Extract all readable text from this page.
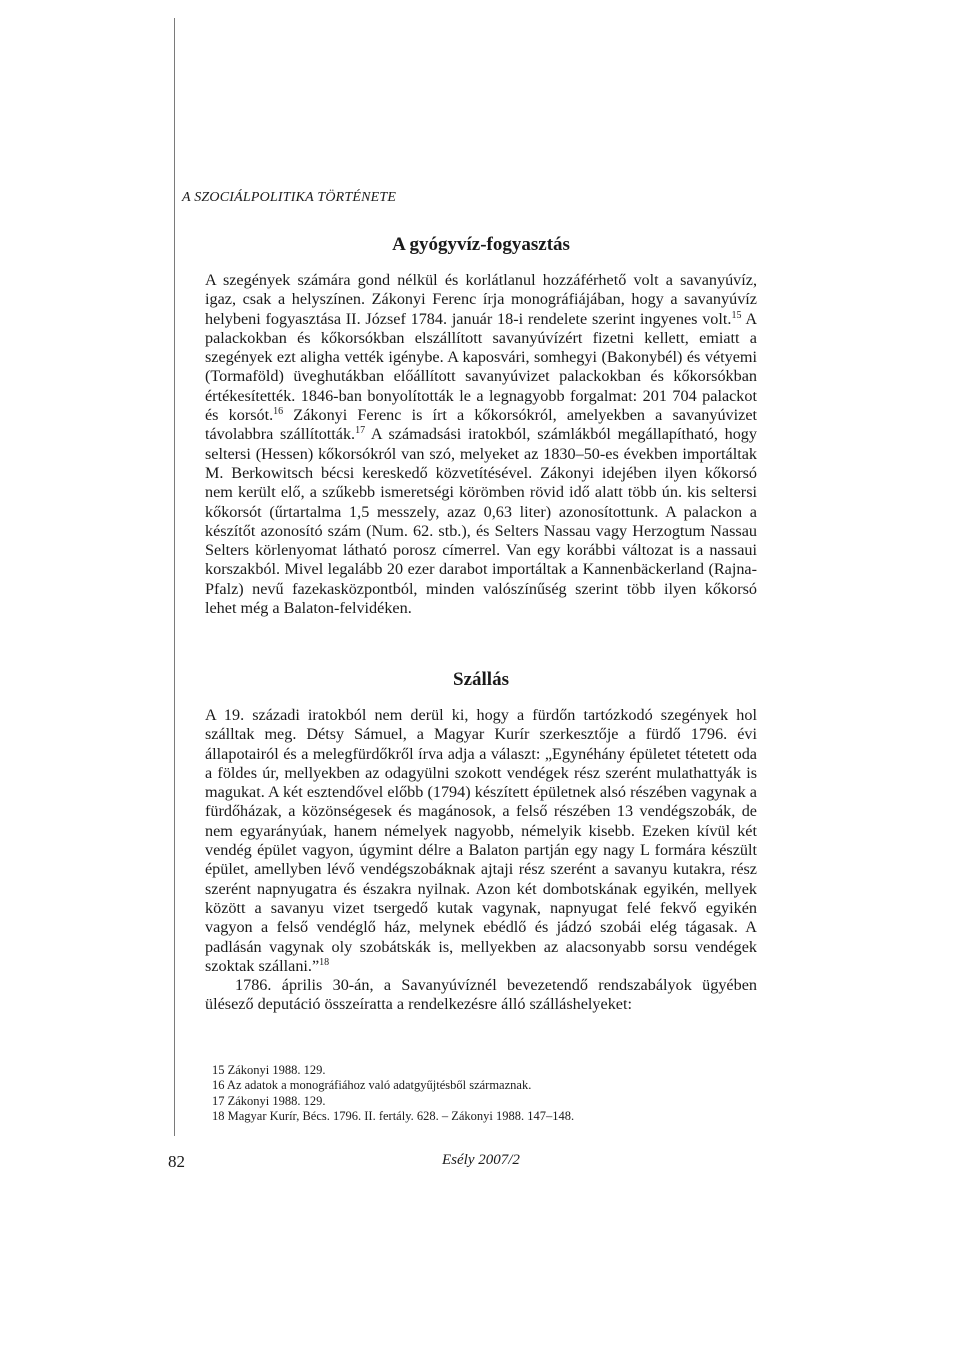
A SZOCIÁLPOLITIKA TÖRTÉNETE
A gyógyvíz-fogyasztás

A szegények számára gond nélkül és korlátlanul hozzáférhető volt a savanyúvíz, igaz, csak a helyszínen. Zákonyi Ferenc írja monográfiájában, hogy a savanyúvíz helybeni fogyasztása II. József 1784. január 18-i rendelete szerint ingyenes volt.$^{15}$ A palackokban és kőkorsókban elszállított savanyúvízért fizetni kellett, emiatt a szegények ezt aligha vették igénybe. A kaposvári, somhegyi (Bakonybél) és vétyemi (Tormaföld) üveghutákban előállított savanyúvizet palackokban és kőkorsókban értékesítették. 1846-ban bonyolították le a legnagyobb forgalmat: 201 704 palackot és korsót.$^{16}$ Zákonyi Ferenc is írt a kőkorsókról, amelyekben a savanyúvizet távolabbra szállították.$^{17}$ A számadsási iratokból, számlákból megállapítható, hogy seltersi (Hessen) kőkorsókról van szó, melyeket az 1830–50-es években importáltak M. Berkowitsch bécsi kereskedő közvetítésével. Zákonyi idejében ilyen kőkorsó nem került elő, a szűkebb ismeretségi körömben rövid idő alatt több ún. kis seltersi kőkorsót (űrtartalma 1,5 messzely, azaz 0,63 liter) azonosítottunk. A palackon a készítőt azonosító szám (Num. 62. stb.), és Selters Nassau vagy Herzogtum Nassau Selters körlenyomat látható porosz címerrel. Van egy korábbi változat is a nassaui korszakból. Mivel legalább 20 ezer darabot importáltak a Kannenbäckerland (Rajna-Pfalz) nevű fazekasközpontból, minden valószínűség szerint több ilyen kőkorsó lehet még a Balaton-felvidéken.

Szállás

A 19. századi iratokból nem derül ki, hogy a fürdőn tartózkodó szegények hol szálltak meg. Détsy Sámuel, a Magyar Kurír szerkesztője a fürdő 1796. évi állapotairól és a melegfürdőkről írva adja a választ: „Egynéhány épületet tétetett oda a földes úr, mellyekben az odagyülni szokott vendégek rész szerént mulathattyák is magukat. A két esztendővel előbb (1794) készített épületnek alsó részében vagynak a fürdőházak, a közönségesek és magánosok, a felső részében 13 vendégszobák, de nem egyarányúak, hanem némelyek nagyobb, némelyik kisebb. Ezeken kívül két vendég épület vagyon, úgymint délre a Balaton partján egy nagy L formára készült épület, amellyben lévő vendégszobáknak ajtaji rész szerént a savanyu kutakra, rész szerént napnyugatra és északra nyilnak. Azon két dombotskának egyikén, mellyek között a savanyu vizet tsergedő kutak vagynak, napnyugat felé fekvő egyikén vagyon a felső vendéglő ház, melynek ebédlő és jádzó szobái elég tágasak. A padlásán vagynak oly szobátskák is, mellyekben az alacsonyabb sorsu vendégek szoktak szállani.”$^{18}$

1786. április 30-án, a Savanyúvíznél bevezetendő rendszabályok ügyében ülésező deputáció összeíratta a rendelkezésre álló szálláshelyeket:

15 Zákonyi 1988. 129.
16 Az adatok a monográfiához való adatgyűjtésből származnak.
17 Zákonyi 1988. 129.
18 Magyar Kurír, Bécs. 1796. II. fertály. 628. – Zákonyi 1988. 147–148.
82	Esély 2007/2
